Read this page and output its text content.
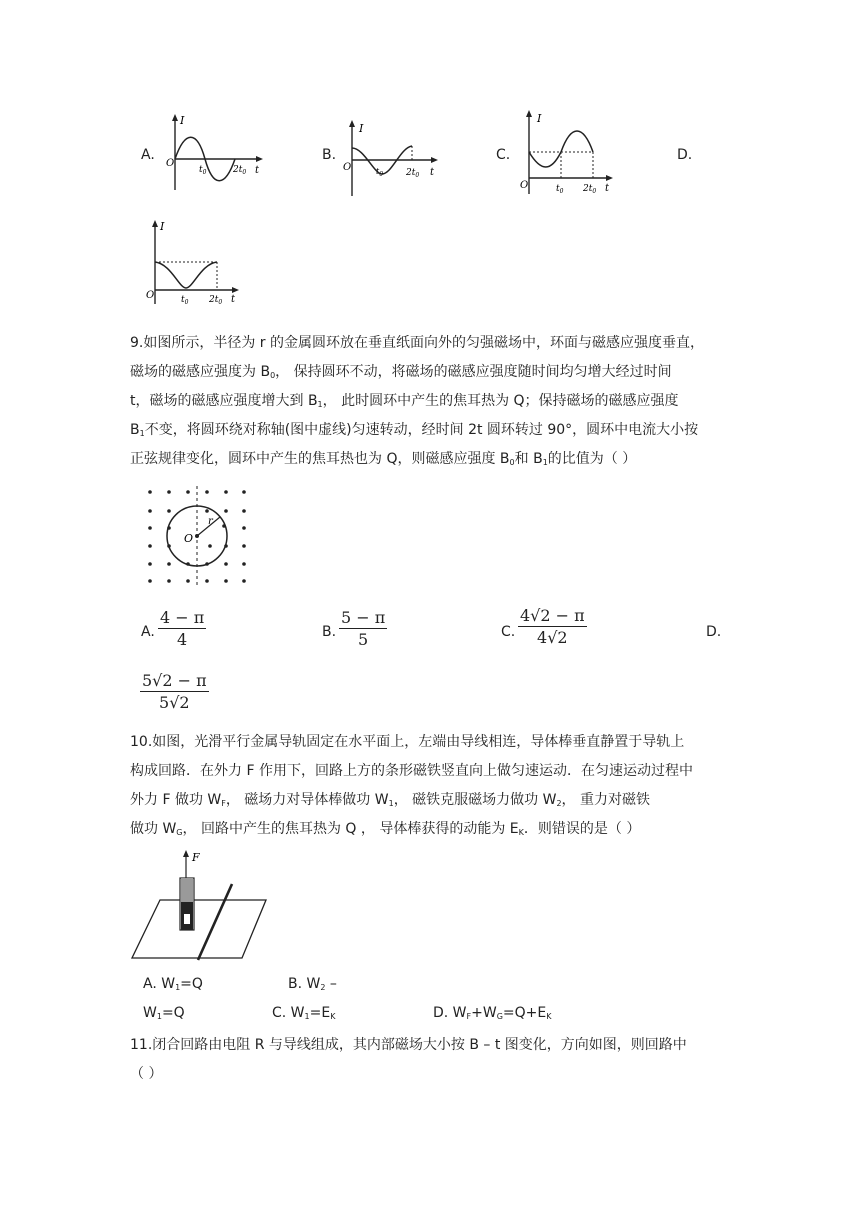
A.	B.	C.	D.
I
O
$t_0$	$2t_0$ t
I
O	$t_0$	$2t_0$ t
I
O	$t_0$ $2t_0$ t
I
O	$t_0$ $2t_0$ t
9.如图所示，半径为 r 的金属圆环放在垂直纸面向外的匀强磁场中，环面与磁感应强度垂直，
磁场的磁感应强度为 $B_0$， 保持圆环不动，将磁场的磁感应强度随时间均匀增大经过时间
t，磁场的磁感应强度增大到 $B_1$， 此时圆环中产生的焦耳热为 Q；保持磁场的磁感应强度
$B_1$不变，将圆环绕对称轴(图中虚线)匀速转动，经时间 2t 圆环转过 90°，圆环中电流大小按
正弦规律变化，圆环中产生的焦耳热也为 Q，则磁感应强度 $B_0$和 $B_1$的比值为（ ）
O
r
A. $\frac{4 - \pi}{4}$	B. $\frac{5 - \pi}{5}$	C. $\frac{4√2 - \pi}{4√2}$	D.
$\frac{5√2 - \pi}{5√2}$
10.如图，光滑平行金属导轨固定在水平面上，左端由导线相连，导体棒垂直静置于导轨上
构成回路．在外力 F 作用下，回路上方的条形磁铁竖直向上做匀速运动．在匀速运动过程中
外力 F 做功 $W_F$， 磁场力对导体棒做功 $W_1$， 磁铁克服磁场力做功 $W_2$， 重力对磁铁
做功 $W_G$， 回路中产生的焦耳热为 Q ， 导体棒获得的动能为 $E_K$．则错误的是（ ）
F
A. $W_1=Q$	B. $W_2$ –
$W_1=Q$	C. $W_1=E_K$	D. $W_F+W_G=Q+E_K$
11.闭合回路由电阻 R 与导线组成，其内部磁场大小按 B – t 图变化，方向如图，则回路中
（ ）
